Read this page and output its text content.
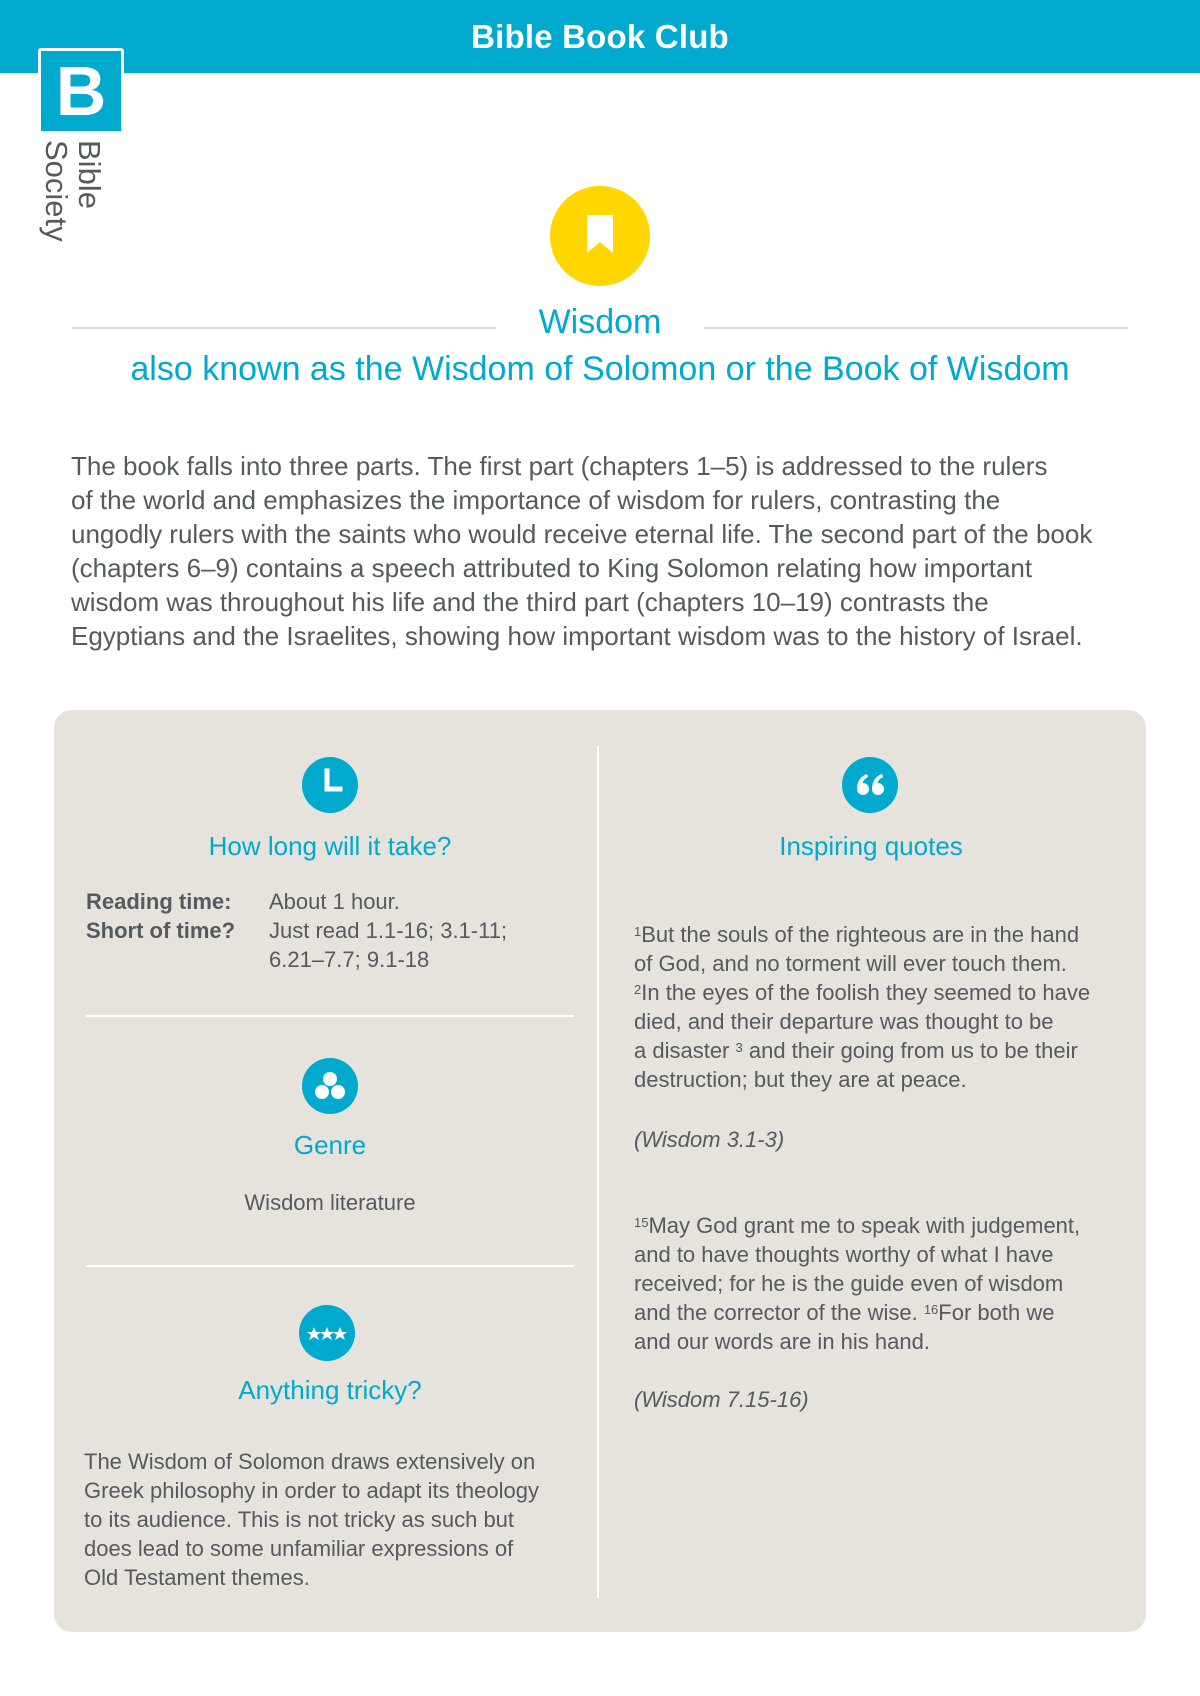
Bible Book Club
B
Bible
Society
Wisdom
also known as the Wisdom of Solomon or the Book of Wisdom
The book falls into three parts. The first part (chapters 1–5) is addressed to the rulers
of the world and emphasizes the importance of wisdom for rulers, contrasting the
ungodly rulers with the saints who would receive eternal life. The second part of the book
(chapters 6–9) contains a speech attributed to King Solomon relating how important
wisdom was throughout his life and the third part (chapters 10–19) contrasts the
Egyptians and the Israelites, showing how important wisdom was to the history of Israel.
How long will it take?
Reading time: About 1 hour.
Short of time? Just read 1.1-16; 3.1-11;
6.21–7.7; 9.1-18
Genre
Wisdom literature
Anything tricky?
The Wisdom of Solomon draws extensively on
Greek philosophy in order to adapt its theology
to its audience. This is not tricky as such but
does lead to some unfamiliar expressions of
Old Testament themes.
Inspiring quotes
$^1$But the souls of the righteous are in the hand
of God, and no torment will ever touch them.
$^2$In the eyes of the foolish they seemed to have
died, and their departure was thought to be
a disaster $^3$ and their going from us to be their
destruction; but they are at peace.
(Wisdom 3.1-3)
$^{15}$May God grant me to speak with judgement,
and to have thoughts worthy of what I have
received; for he is the guide even of wisdom
and the corrector of the wise. $^{16}$For both we
and our words are in his hand.
(Wisdom 7.15-16)
